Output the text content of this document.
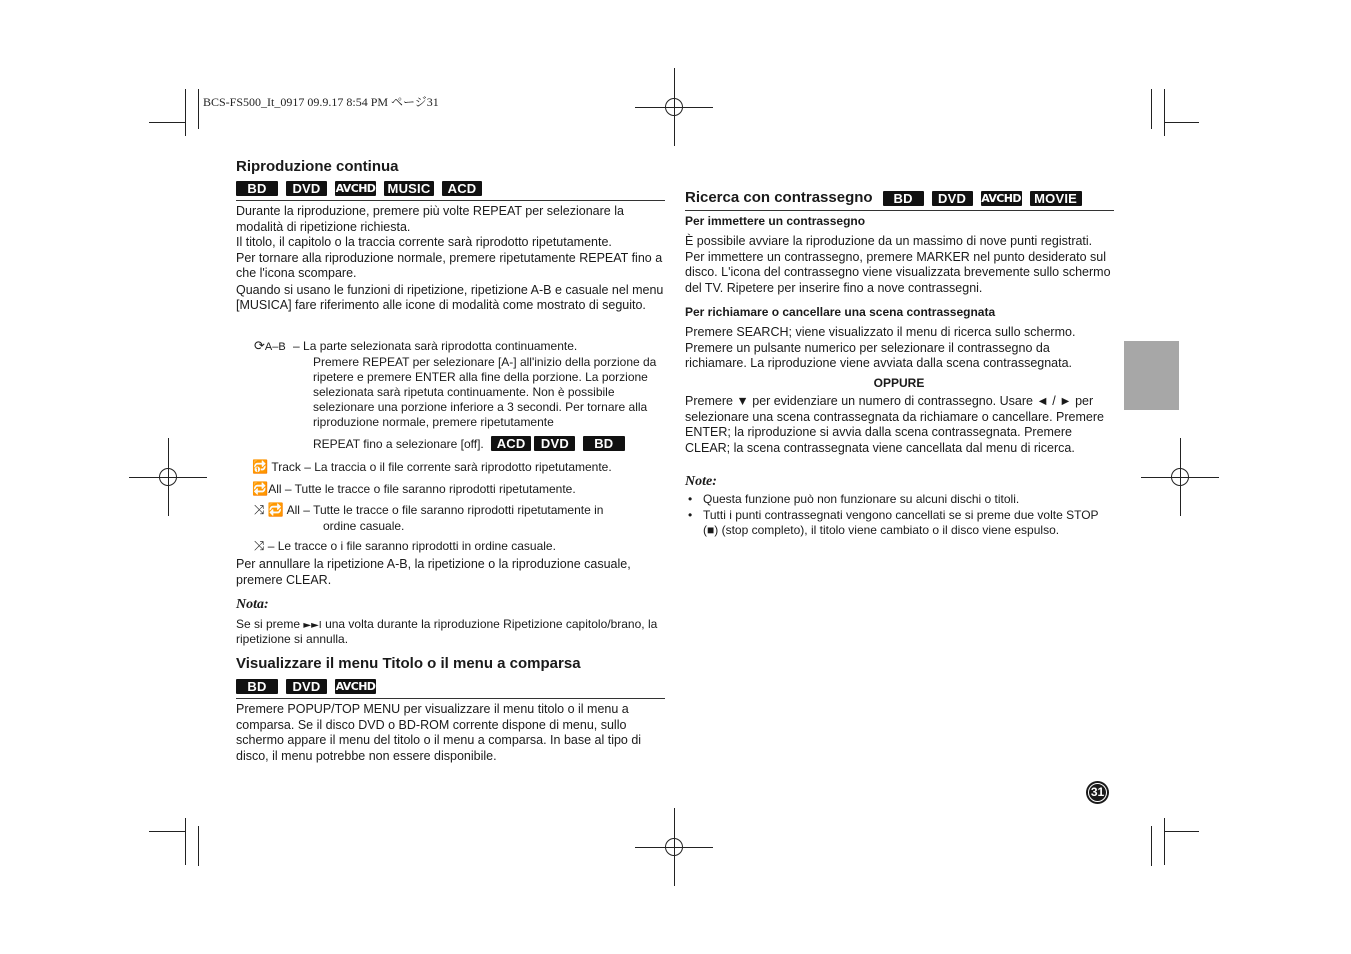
BCS-FS500_It_0917 09.9.17 8:54 PM ページ31
Riproduzione continua
BD	DVD	AVCHD MUSIC	ACD

Durante la riproduzione, premere più volte REPEAT per selezionare la modalità di ripetizione richiesta.

Il titolo, il capitolo o la traccia corrente sarà riprodotto ripetutamente.

Per tornare alla riproduzione normale, premere ripetutamente REPEAT fino a che l'icona scompare.

Quando si usano le funzioni di ripetizione, ripetizione A-B e casuale nel menu [MUSICA] fare riferimento alle icone di modalità come mostrato di seguito.

⟳A–B – La parte selezionata sarà riprodotta continuamente.

Premere REPEAT per selezionare [A-] all'inizio della porzione da ripetere e premere ENTER alla fine della porzione. La porzione selezionata sarà ripetuta continuamente. Non è possibile selezionare una porzione inferiore a 3 secondi. Per tornare alla riproduzione normale, premere ripetutamente

REPEAT fino a selezionare [off]. ACD DVD BD
🔂 Track – La traccia o il file corrente sarà riprodotto ripetutamente.
🔁All – Tutte le tracce o file saranno riprodotti ripetutamente.
⤨ 🔁 All – Tutte le tracce o file saranno riprodotti ripetutamente in
ordine casuale.
⤨ – Le tracce o i file saranno riprodotti in ordine casuale.

Per annullare la ripetizione A-B, la ripetizione o la riproduzione casuale, premere CLEAR.

Nota:
Se si preme ►►I una volta durante la riproduzione Ripetizione capitolo/brano, la ripetizione si annulla.
Visualizzare il menu Titolo o il menu a comparsa
BD	DVD	AVCHD

Premere POPUP/TOP MENU per visualizzare il menu titolo o il menu a comparsa. Se il disco DVD o BD-ROM corrente dispone di menu, sullo schermo appare il menu del titolo o il menu a comparsa. In base al tipo di disco, il menu potrebbe non essere disponibile.

Ricerca con contrassegno	BD	DVD	AVCHD	MOVIE
Per immettere un contrassegno

È possibile avviare la riproduzione da un massimo di nove punti registrati. Per immettere un contrassegno, premere MARKER nel punto desiderato sul disco. L'icona del contrassegno viene visualizzata brevemente sullo schermo del TV. Ripetere per inserire fino a nove contrassegni.

Per richiamare o cancellare una scena contrassegnata

Premere SEARCH; viene visualizzato il menu di ricerca sullo schermo. Premere un pulsante numerico per selezionare il contrassegno da richiamare. La riproduzione viene avviata dalla scena contrassegnata.

OPPURE

Premere ▼ per evidenziare un numero di contrassegno. Usare ◄ / ► per selezionare una scena contrassegnata da richiamare o cancellare. Premere ENTER; la riproduzione si avvia dalla scena contrassegnata. Premere CLEAR; la scena contrassegnata viene cancellata dal menu di ricerca.

Note:
• Questa funzione può non funzionare su alcuni dischi o titoli.
• Tutti i punti contrassegnati vengono cancellati se si preme due volte STOP (■) (stop completo), il titolo viene cambiato o il disco viene espulso.
31
